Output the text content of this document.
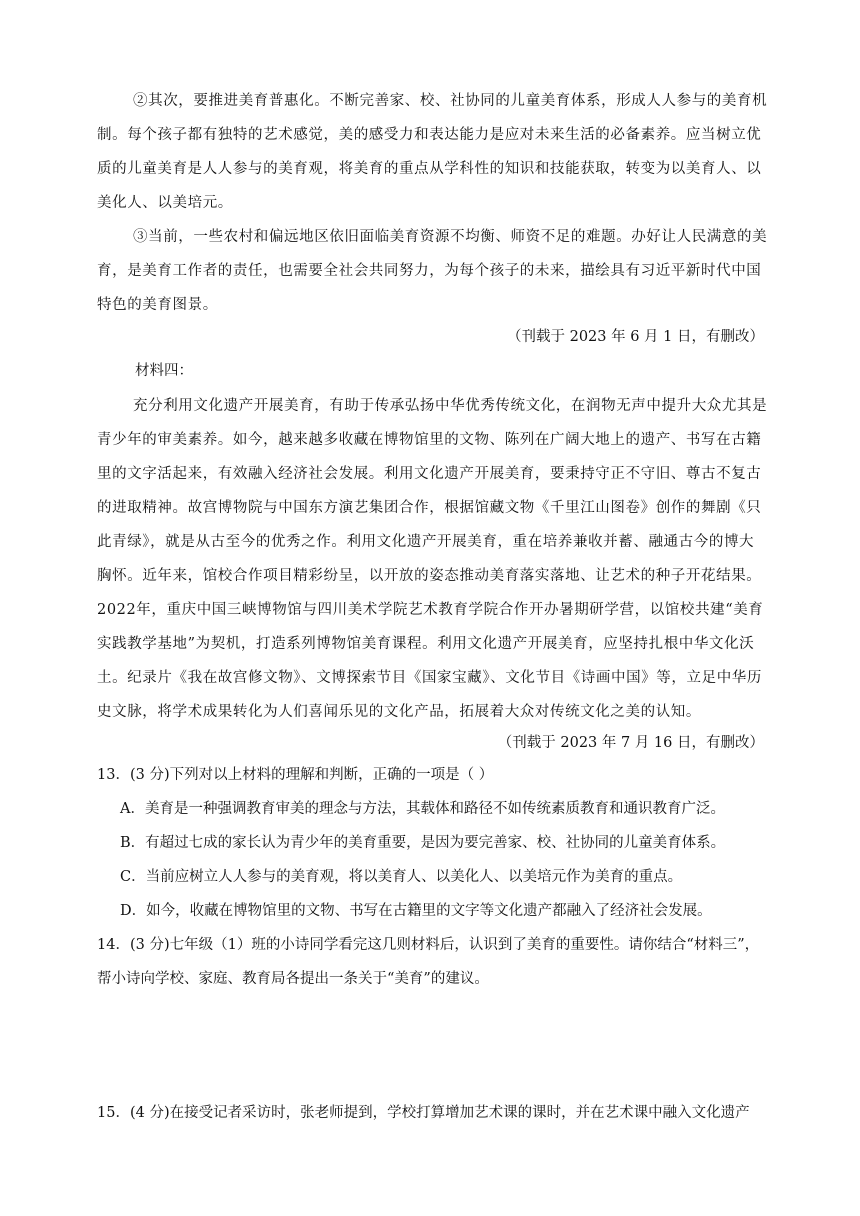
②其次，要推进美育普惠化。不断完善家、校、社协同的儿童美育体系，形成人人参与的美育机制。每个孩子都有独特的艺术感觉，美的感受力和表达能力是应对未来生活的必备素养。应当树立优质的儿童美育是人人参与的美育观，将美育的重点从学科性的知识和技能获取，转变为以美育人、以美化人、以美培元。
③当前，一些农村和偏远地区依旧面临美育资源不均衡、师资不足的难题。办好让人民满意的美育，是美育工作者的责任，也需要全社会共同努力，为每个孩子的未来，描绘具有习近平新时代中国特色的美育图景。
（刊载于 2023 年 6 月 1 日，有删改）
材料四：
充分利用文化遗产开展美育，有助于传承弘扬中华优秀传统文化，在润物无声中提升大众尤其是青少年的审美素养。如今，越来越多收藏在博物馆里的文物、陈列在广阔大地上的遗产、书写在古籍里的文字活起来，有效融入经济社会发展。利用文化遗产开展美育，要秉持守正不守旧、尊古不复古的进取精神。故宫博物院与中国东方演艺集团合作，根据馆藏文物《千里江山图卷》创作的舞剧《只此青绿》，就是从古至今的优秀之作。利用文化遗产开展美育，重在培养兼收并蓄、融通古今的博大胸怀。近年来，馆校合作项目精彩纷呈，以开放的姿态推动美育落实落地、让艺术的种子开花结果。2022年，重庆中国三峡博物馆与四川美术学院艺术教育学院合作开办暑期研学营，以馆校共建“美育实践教学基地”为契机，打造系列博物馆美育课程。利用文化遗产开展美育，应坚持扎根中华文化沃土。纪录片《我在故宫修文物》、文博探索节目《国家宝藏》、文化节目《诗画中国》等，立足中华历史文脉，将学术成果转化为人们喜闻乐见的文化产品，拓展着大众对传统文化之美的认知。
（刊载于 2023 年 7 月 16 日，有删改）
13．(3 分)下列对以上材料的理解和判断，正确的一项是（ ）
A．美育是一种强调教育审美的理念与方法，其载体和路径不如传统素质教育和通识教育广泛。
B．有超过七成的家长认为青少年的美育重要，是因为要完善家、校、社协同的儿童美育体系。
C．当前应树立人人参与的美育观，将以美育人、以美化人、以美培元作为美育的重点。
D．如今，收藏在博物馆里的文物、书写在古籍里的文字等文化遗产都融入了经济社会发展。
14．(3 分)七年级（1）班的小诗同学看完这几则材料后，认识到了美育的重要性。请你结合“材料三”，
帮小诗向学校、家庭、教育局各提出一条关于“美育”的建议。
15．(4 分)在接受记者采访时，张老师提到，学校打算增加艺术课的课时，并在艺术课中融入文化遗产
